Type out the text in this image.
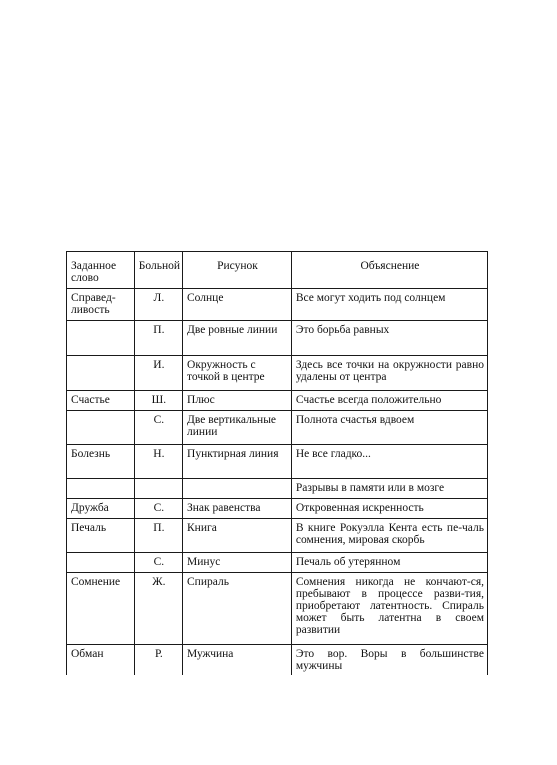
Заданное слово	Больной	Рисунок	Объяснение
Справед-ливость	Л.	Солнце	Все могут ходить под солнцем
	П.	Две ровные линии	Это борьба равных
	И.	Окружность с точкой в центре	Здесь все точки на окружности равно удалены от центра
Счастье	Ш.	Плюс	Счастье всегда положительно
	С.	Две вертикальные линии	Полнота счастья вдвоем
Болезнь	Н.	Пунктирная линия	Не все гладко...
			Разрывы в памяти или в мозге
Дружба	С.	Знак равенства	Откровенная искренность
Печаль	П.	Книга	В книге Рокуэлла Кента есть пе-чаль сомнения, мировая скорбь
	С.	Минус	Печаль об утерянном
Сомнение	Ж.	Спираль	Сомнения никогда не кончают-ся, пребывают в процессе разви-тия, приобретают латентность. Спираль может быть латентна в своем развитии
Обман	Р.	Мужчина	Это вор. Воры в большинстве мужчины
